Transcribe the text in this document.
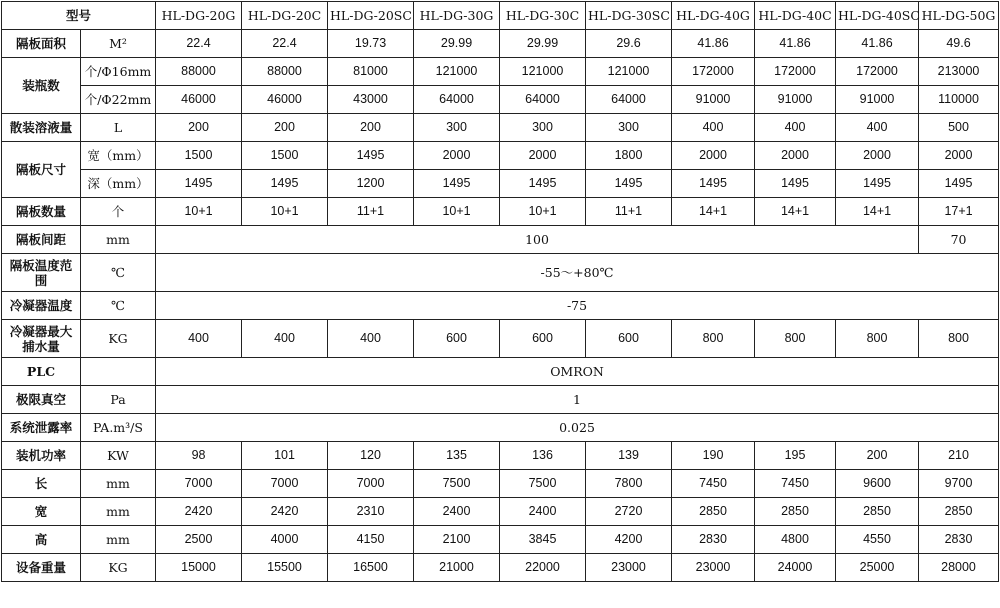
型号		HL-DG-20G	HL-DG-20C	HL-DG-20SC	HL-DG-30G	HL-DG-30C	HL-DG-30SC	HL-DG-40G	HL-DG-40C	HL-DG-40SC	HL-DG-50G
隔板面积	M²	22.4	22.4	19.73	29.99	29.99	29.6	41.86	41.86	41.86	49.6
装瓶数	个/Φ16mm	88000	88000	81000	121000	121000	121000	172000	172000	172000	213000
	个/Φ22mm	46000	46000	43000	64000	64000	64000	91000	91000	91000	110000
散装溶液量	L	200	200	200	300	300	300	400	400	400	500
隔板尺寸	宽（mm）	1500	1500	1495	2000	2000	1800	2000	2000	2000	2000
	深（mm）	1495	1495	1200	1495	1495	1495	1495	1495	1495	1495
隔板数量	个	10+1	10+1	11+1	10+1	10+1	11+1	14+1	14+1	14+1	17+1
隔板间距	mm	100									70
隔板温度范围	℃	-55～+80℃									
冷凝器温度	℃	-75									
冷凝器最大捕水量	KG	400	400	400	600	600	600	800	800	800	800
PLC		OMRON									
极限真空	Pa	1									
系统泄露率	PA.m³/S	0.025									
装机功率	KW	98	101	120	135	136	139	190	195	200	210
长	mm	7000	7000	7000	7500	7500	7800	7450	7450	9600	9700
宽	mm	2420	2420	2310	2400	2400	2720	2850	2850	2850	2850
高	mm	2500	4000	4150	2100	3845	4200	2830	4800	4550	2830
设备重量	KG	15000	15500	16500	21000	22000	23000	23000	24000	25000	28000
